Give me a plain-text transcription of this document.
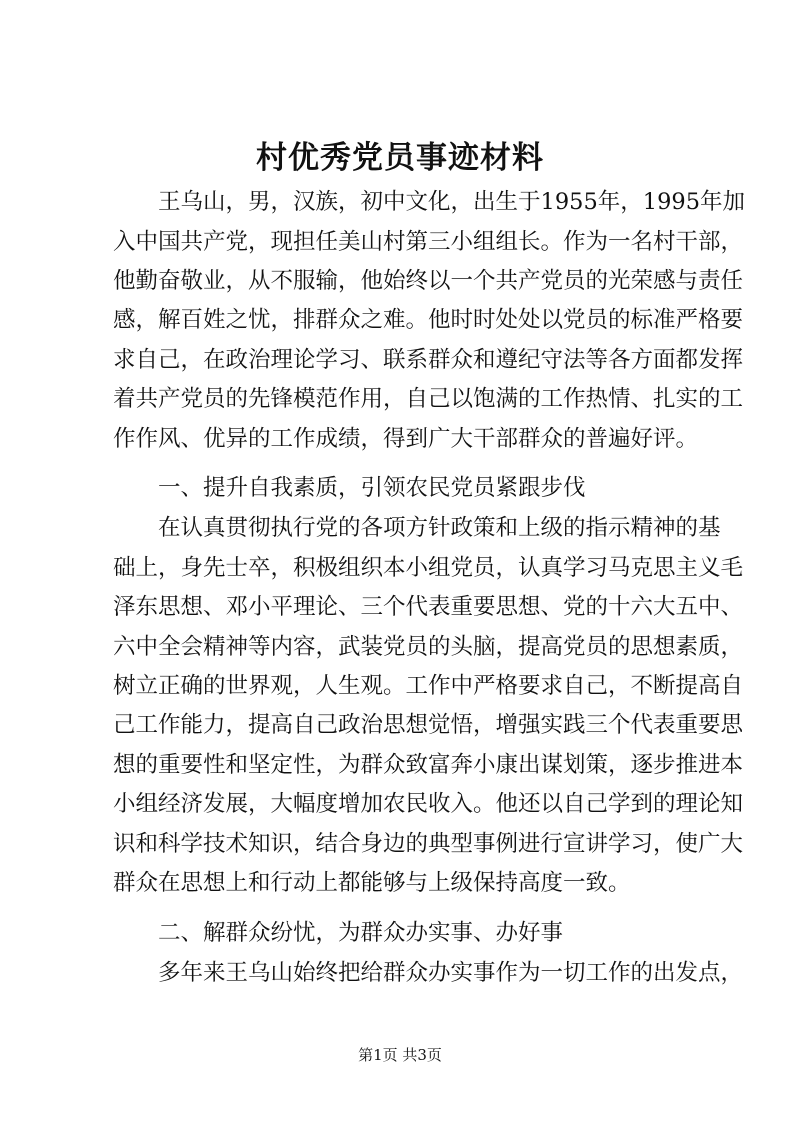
村优秀党员事迹材料

　　王乌山，男，汉族，初中文化，出生于1955年，1995年加

入中国共产党，现担任美山村第三小组组长。作为一名村干部，

他勤奋敬业，从不服输，他始终以一个共产党员的光荣感与责任

感，解百姓之忧，排群众之难。他时时处处以党员的标准严格要

求自己，在政治理论学习、联系群众和遵纪守法等各方面都发挥

着共产党员的先锋模范作用，自己以饱满的工作热情、扎实的工

作作风、优异的工作成绩，得到广大干部群众的普遍好评。

　　一、提升自我素质，引领农民党员紧跟步伐

　　在认真贯彻执行党的各项方针政策和上级的指示精神的基

础上，身先士卒，积极组织本小组党员，认真学习马克思主义毛

泽东思想、邓小平理论、三个代表重要思想、党的十六大五中、

六中全会精神等内容，武装党员的头脑，提高党员的思想素质，

树立正确的世界观，人生观。工作中严格要求自己，不断提高自

己工作能力，提高自己政治思想觉悟，增强实践三个代表重要思

想的重要性和坚定性，为群众致富奔小康出谋划策，逐步推进本

小组经济发展，大幅度增加农民收入。他还以自己学到的理论知

识和科学技术知识，结合身边的典型事例进行宣讲学习，使广大

群众在思想上和行动上都能够与上级保持高度一致。

　　二、解群众纷忧，为群众办实事、办好事

　　多年来王乌山始终把给群众办实事作为一切工作的出发点，

第1页 共3页
